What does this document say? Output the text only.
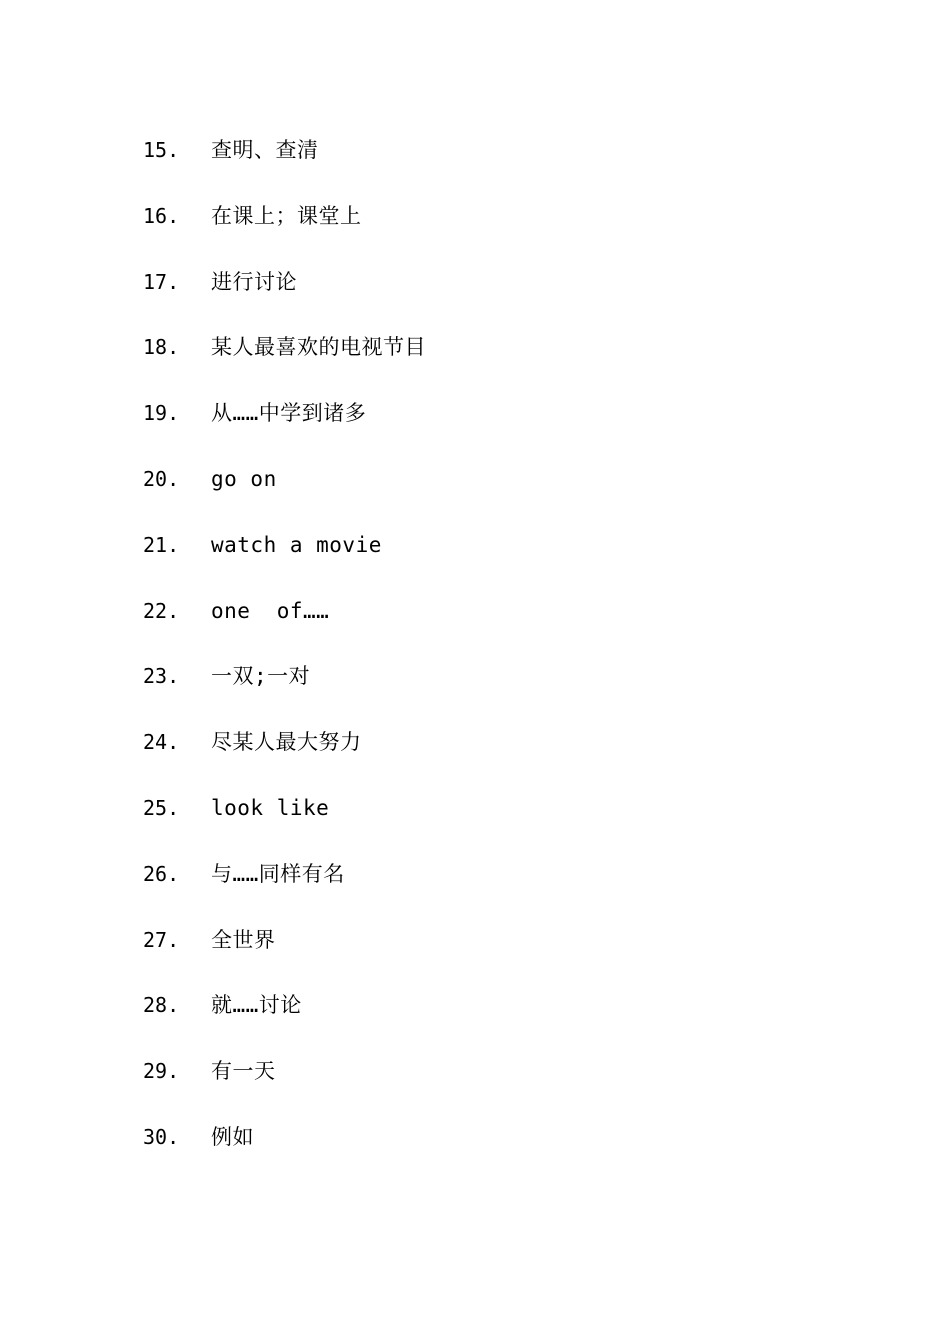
15.	查明、查清
16.	在课上；课堂上
17.	进行讨论
18.	某人最喜欢的电视节目
19.	从……中学到诸多
20.	go on
21.	watch a movie
22.	one  of……
23.	一双;一对
24.	尽某人最大努力
25.	look like
26.	与……同样有名
27.	全世界
28.	就……讨论
29.	有一天
30.	例如
